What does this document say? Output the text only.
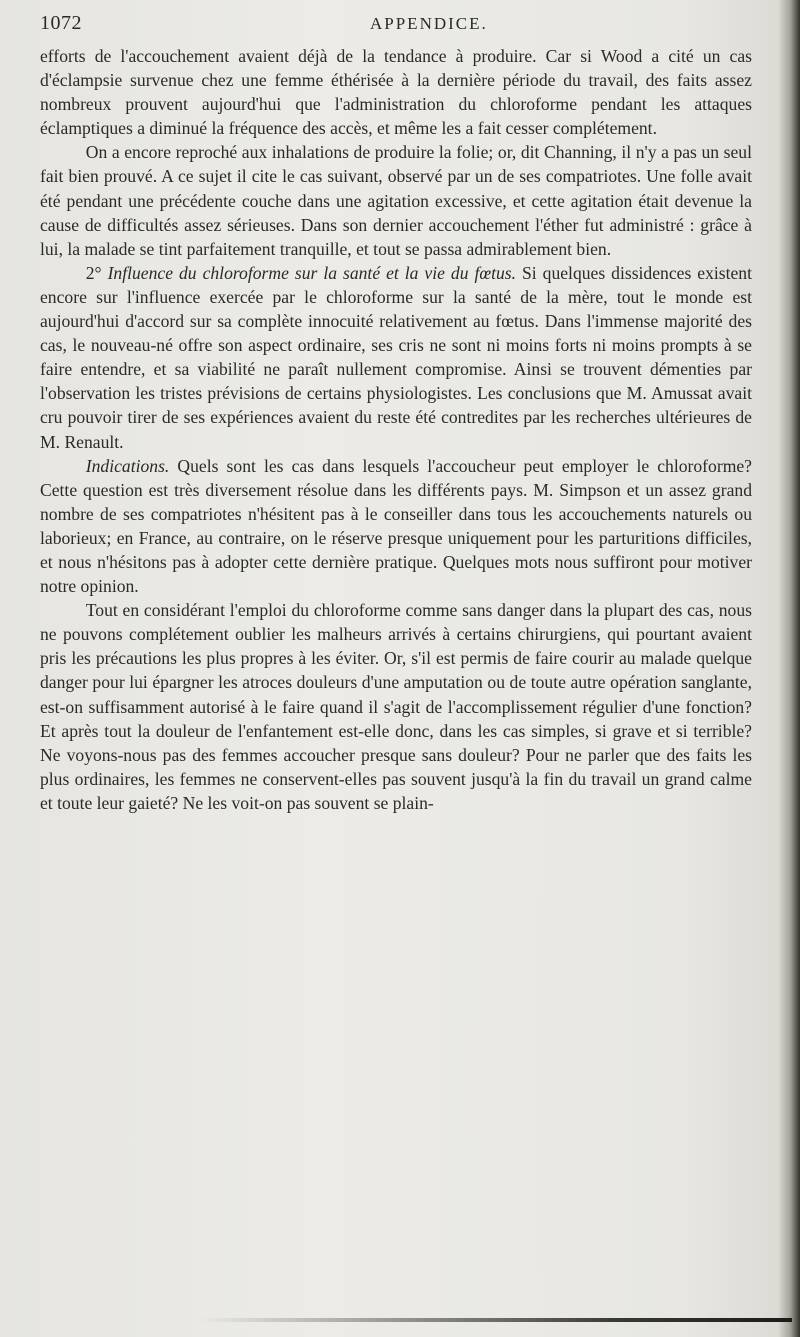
1072	APPENDICE.

efforts de l'accouchement avaient déjà de la tendance à produire. Car si Wood a cité un cas d'éclampsie survenue chez une femme éthérisée à la dernière période du travail, des faits assez nombreux prouvent aujourd'hui que l'administration du chloroforme pendant les attaques éclamptiques a diminué la fréquence des accès, et même les a fait cesser complétement.

On a encore reproché aux inhalations de produire la folie; or, dit Channing, il n'y a pas un seul fait bien prouvé. A ce sujet il cite le cas suivant, observé par un de ses compatriotes. Une folle avait été pendant une précédente couche dans une agitation excessive, et cette agitation était devenue la cause de difficultés assez sérieuses. Dans son dernier accouchement l'éther fut administré : grâce à lui, la malade se tint parfaitement tranquille, et tout se passa admirablement bien.

2° Influence du chloroforme sur la santé et la vie du fœtus. Si quelques dissidences existent encore sur l'influence exercée par le chloroforme sur la santé de la mère, tout le monde est aujourd'hui d'accord sur sa complète innocuité relativement au fœtus. Dans l'immense majorité des cas, le nouveau-né offre son aspect ordinaire, ses cris ne sont ni moins forts ni moins prompts à se faire entendre, et sa viabilité ne paraît nullement compromise. Ainsi se trouvent démenties par l'observation les tristes prévisions de certains physiologistes. Les conclusions que M. Amussat avait cru pouvoir tirer de ses expériences avaient du reste été contredites par les recherches ultérieures de M. Renault.

Indications. Quels sont les cas dans lesquels l'accoucheur peut employer le chloroforme? Cette question est très diversement résolue dans les différents pays. M. Simpson et un assez grand nombre de ses compatriotes n'hésitent pas à le conseiller dans tous les accouchements naturels ou laborieux; en France, au contraire, on le réserve presque uniquement pour les parturitions difficiles, et nous n'hésitons pas à adopter cette dernière pratique. Quelques mots nous suffiront pour motiver notre opinion.

Tout en considérant l'emploi du chloroforme comme sans danger dans la plupart des cas, nous ne pouvons complétement oublier les malheurs arrivés à certains chirurgiens, qui pourtant avaient pris les précautions les plus propres à les éviter. Or, s'il est permis de faire courir au malade quelque danger pour lui épargner les atroces douleurs d'une amputation ou de toute autre opération sanglante, est-on suffisamment autorisé à le faire quand il s'agit de l'accomplissement régulier d'une fonction? Et après tout la douleur de l'enfantement est-elle donc, dans les cas simples, si grave et si terrible? Ne voyons-nous pas des femmes accoucher presque sans douleur? Pour ne parler que des faits les plus ordinaires, les femmes ne conservent-elles pas souvent jusqu'à la fin du travail un grand calme et toute leur gaieté? Ne les voit-on pas souvent se plain-
